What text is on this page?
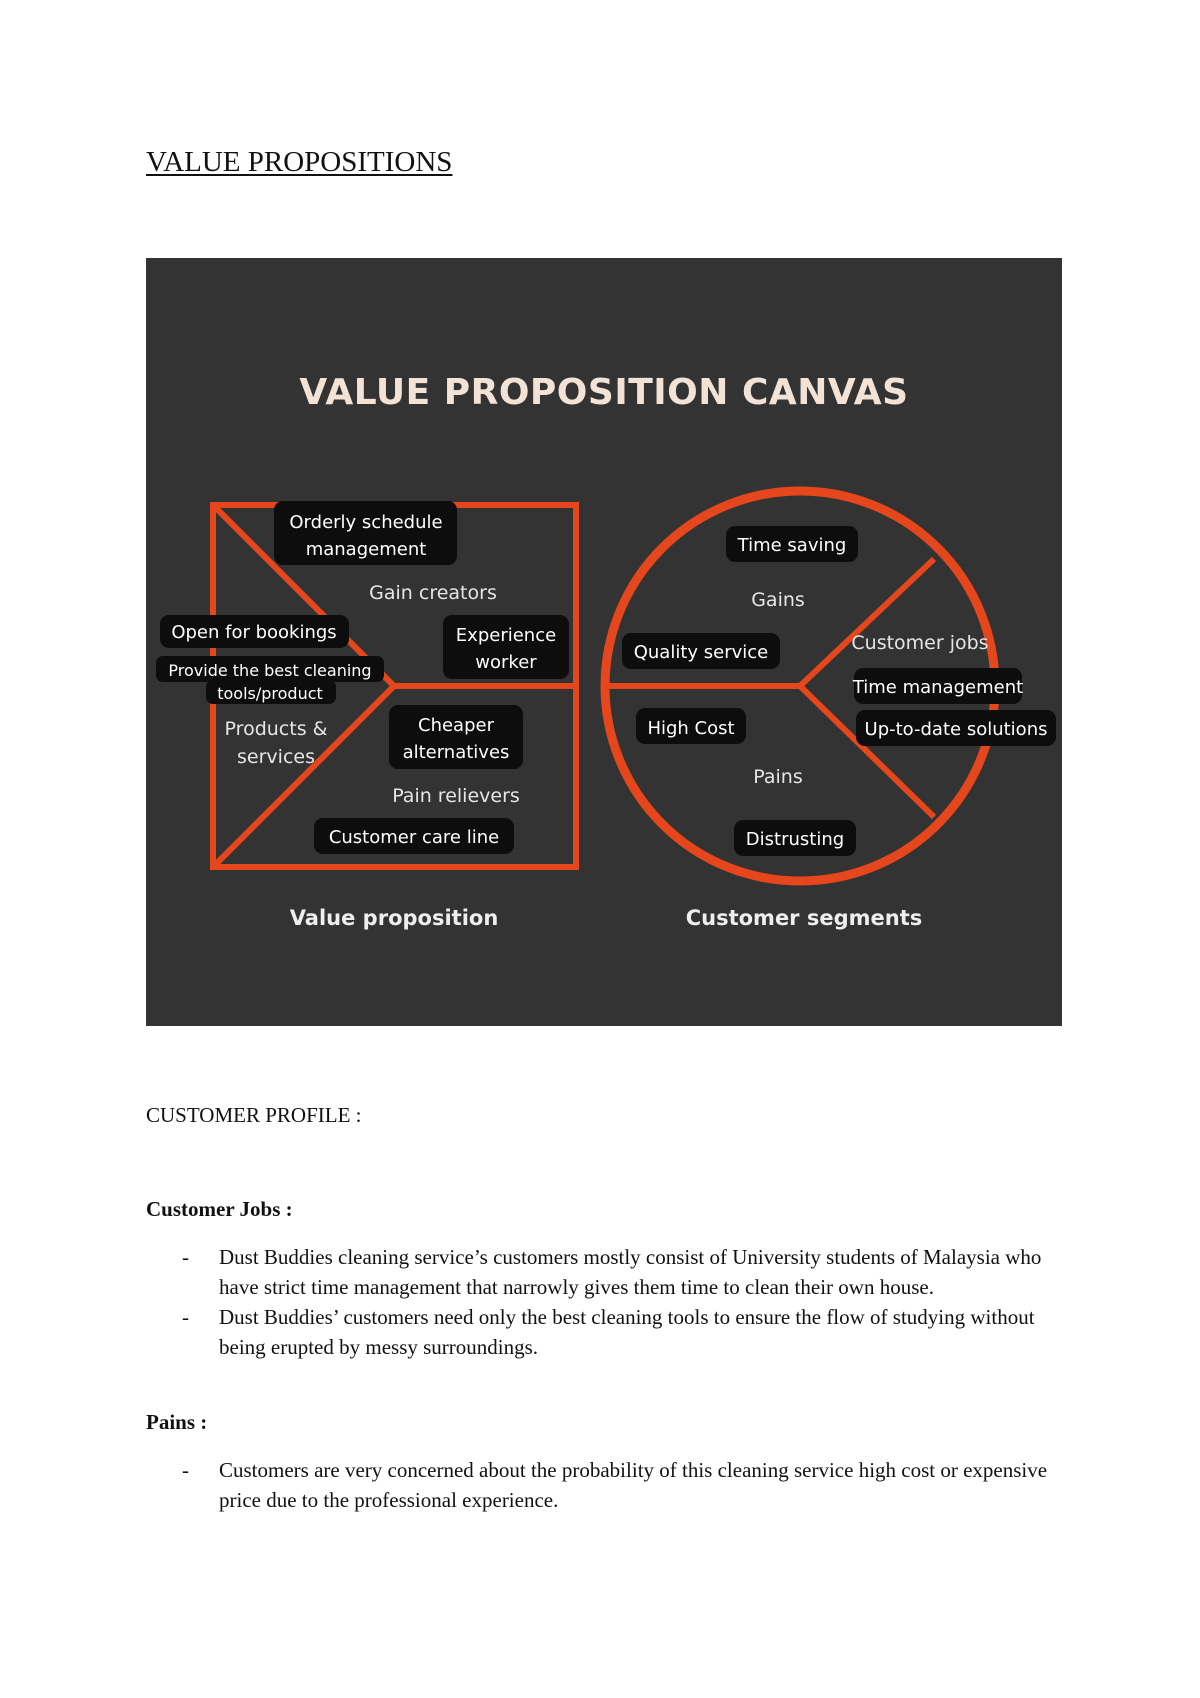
VALUE PROPOSITIONS
VALUE PROPOSITION CANVAS
Gain creators
Products &
services
Pain relievers
Orderly schedule
management
Experience
worker
Open for bookings
Provide the best cleaning
tools/product
Cheaper
alternatives
Customer care line
Gains
Pains
Customer jobs
Time saving
Quality service
High Cost
Distrusting
Time management
Up-to-date solutions
Value proposition	Customer segments
CUSTOMER PROFILE :
Customer Jobs :
- Dust Buddies cleaning service’s customers mostly consist of University students of Malaysia who have strict time management that narrowly gives them time to clean their own house.
- Dust Buddies’ customers need only the best cleaning tools to ensure the flow of studying without being erupted by messy surroundings.
Pains :
- Customers are very concerned about the probability of this cleaning service high cost or expensive price due to the professional experience.
